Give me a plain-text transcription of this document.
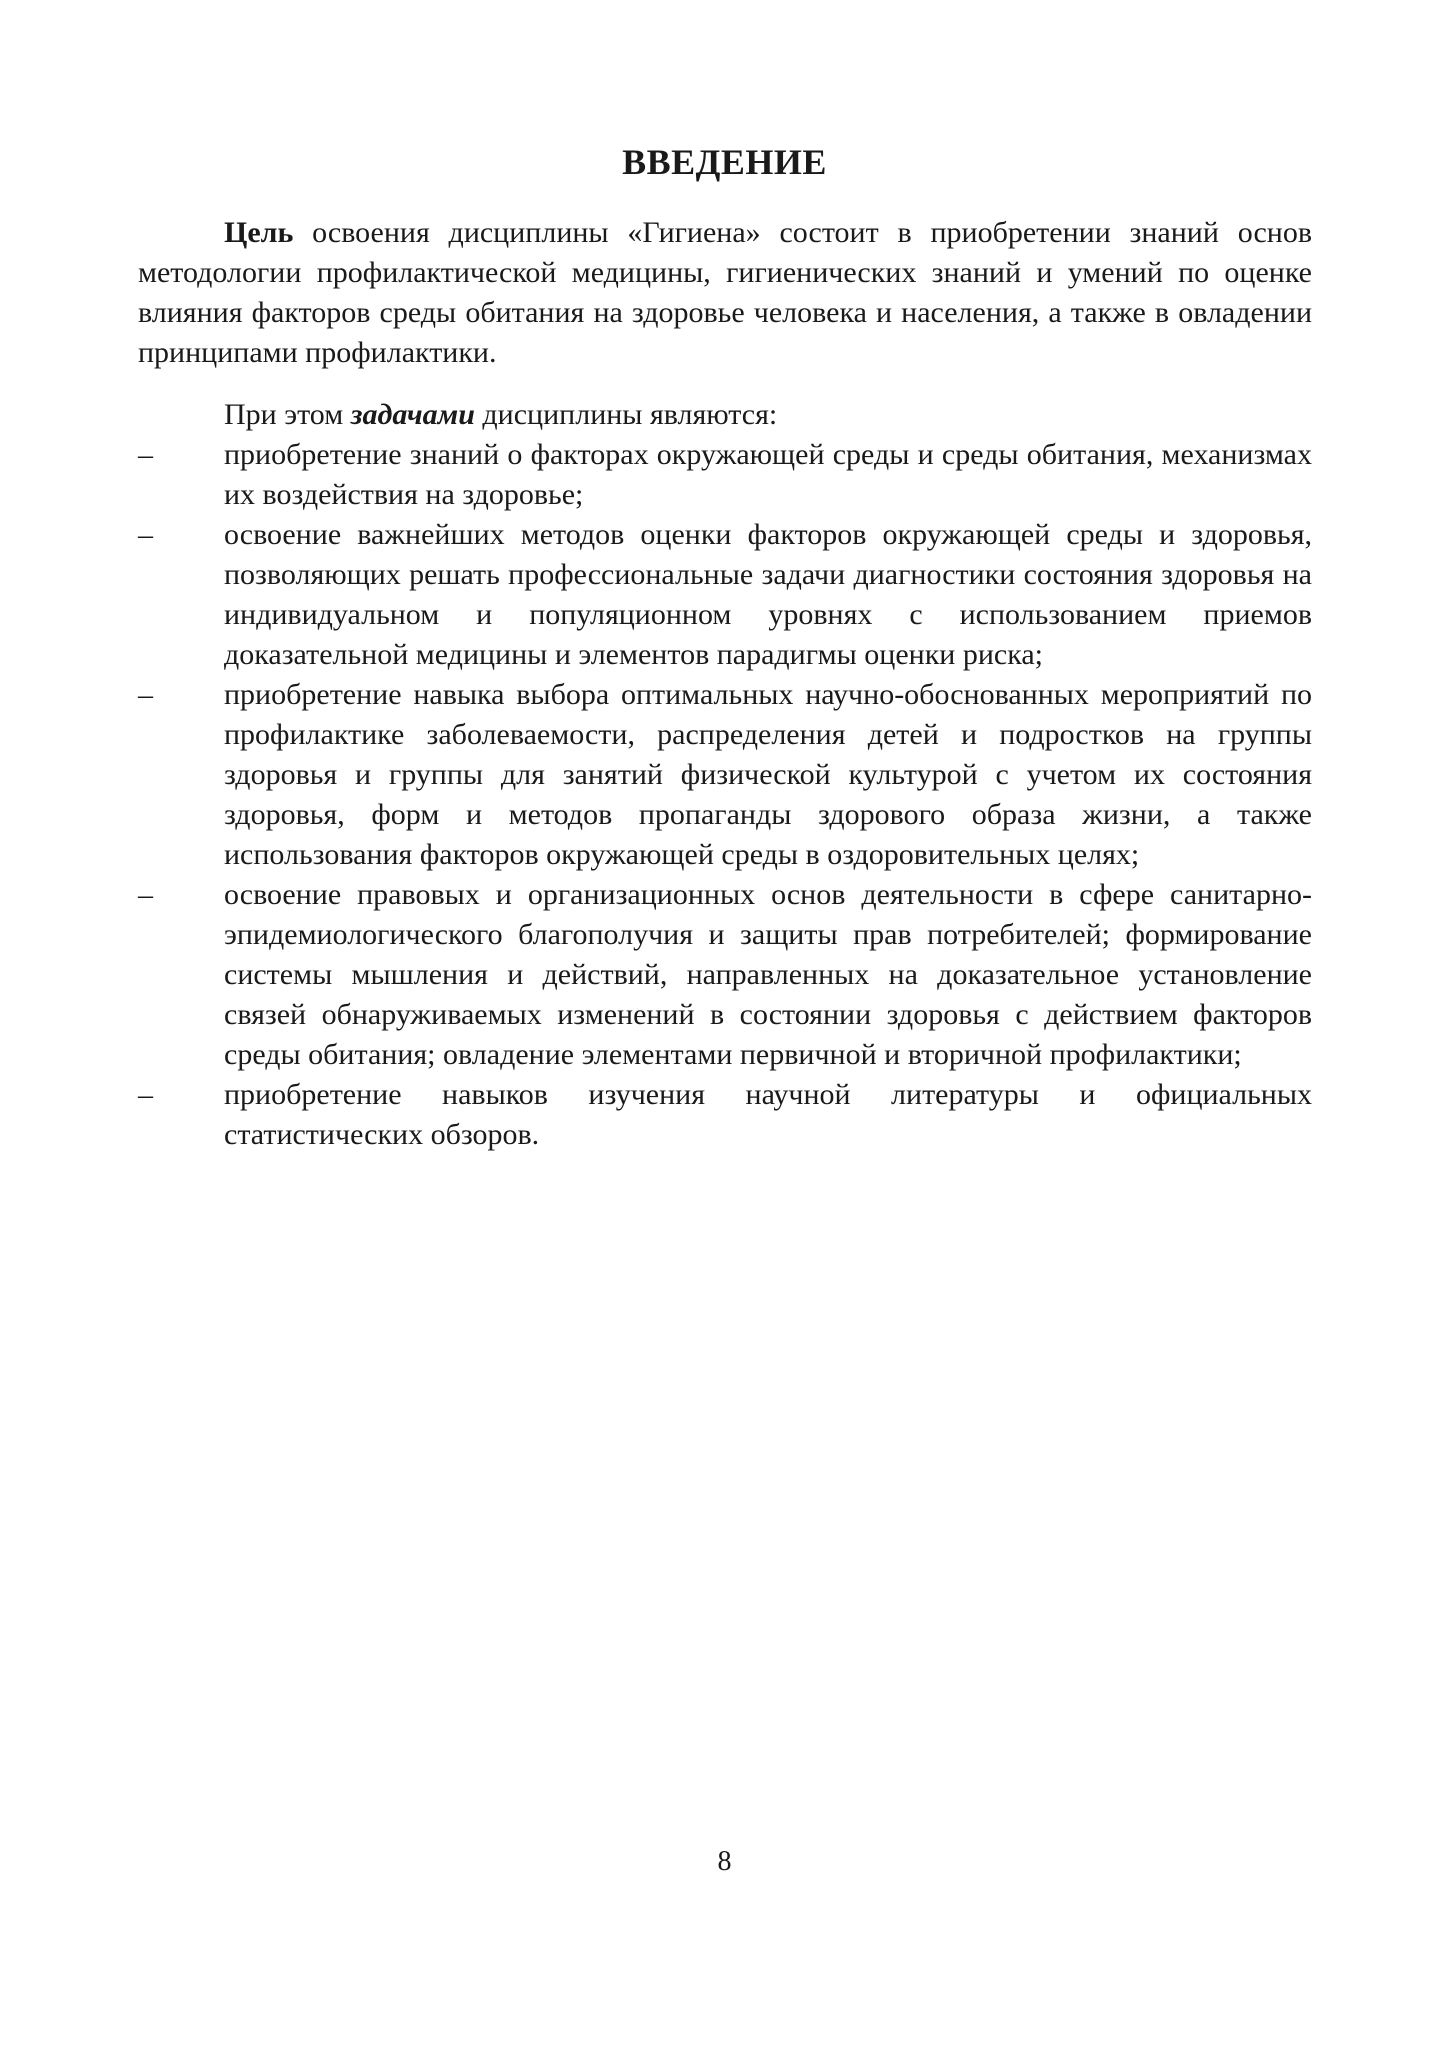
ВВЕДЕНИЕ

Цель освоения дисциплины «Гигиена» состоит в приобретении знаний основ методологии профилактической медицины, гигиенических знаний и умений по оценке влияния факторов среды обитания на здоровье человека и населения, а также в овладении принципами профилактики.

При этом задачами дисциплины являются:

– приобретение знаний о факторах окружающей среды и среды обитания, механизмах их воздействия на здоровье;
– освоение важнейших методов оценки факторов окружающей среды и здоровья, позволяющих решать профессиональные задачи диагностики состояния здоровья на индивидуальном и популяционном уровнях с использованием приемов доказательной медицины и элементов парадигмы оценки риска;
– приобретение навыка выбора оптимальных научно-обоснованных мероприятий по профилактике заболеваемости, распределения детей и подростков на группы здоровья и группы для занятий физической культурой с учетом их состояния здоровья, форм и методов пропаганды здорового образа жизни, а также использования факторов окружающей среды в оздоровительных целях;
– освоение правовых и организационных основ деятельности в сфере санитарно-эпидемиологического благополучия и защиты прав потребителей; формирование системы мышления и действий, направленных на доказательное установление связей обнаруживаемых изменений в состоянии здоровья с действием факторов среды обитания; овладение элементами первичной и вторичной профилактики;
– приобретение навыков изучения научной литературы и официальных статистических обзоров.
8
